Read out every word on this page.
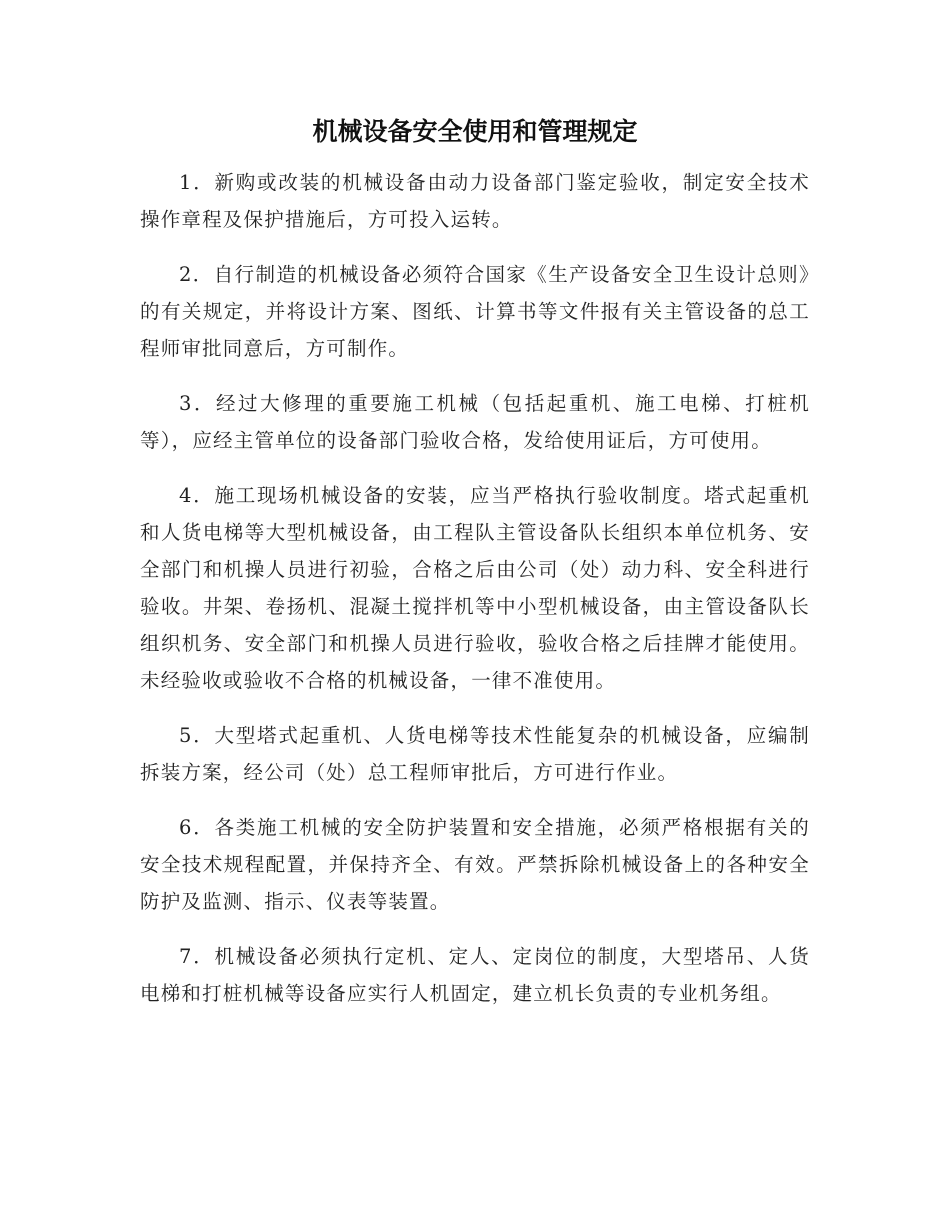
机械设备安全使用和管理规定

1．新购或改装的机械设备由动力设备部门鉴定验收，制定安全技术操作章程及保护措施后，方可投入运转。

2．自行制造的机械设备必须符合国家《生产设备安全卫生设计总则》的有关规定，并将设计方案、图纸、计算书等文件报有关主管设备的总工程师审批同意后，方可制作。

3．经过大修理的重要施工机械（包括起重机、施工电梯、打桩机等），应经主管单位的设备部门验收合格，发给使用证后，方可使用。

4．施工现场机械设备的安装，应当严格执行验收制度。塔式起重机和人货电梯等大型机械设备，由工程队主管设备队长组织本单位机务、安全部门和机操人员进行初验，合格之后由公司（处）动力科、安全科进行验收。井架、卷扬机、混凝土搅拌机等中小型机械设备，由主管设备队长组织机务、安全部门和机操人员进行验收，验收合格之后挂牌才能使用。未经验收或验收不合格的机械设备，一律不准使用。

5．大型塔式起重机、人货电梯等技术性能复杂的机械设备，应编制拆装方案，经公司（处）总工程师审批后，方可进行作业。

6．各类施工机械的安全防护装置和安全措施，必须严格根据有关的安全技术规程配置，并保持齐全、有效。严禁拆除机械设备上的各种安全防护及监测、指示、仪表等装置。

7．机械设备必须执行定机、定人、定岗位的制度，大型塔吊、人货电梯和打桩机械等设备应实行人机固定，建立机长负责的专业机务组。
